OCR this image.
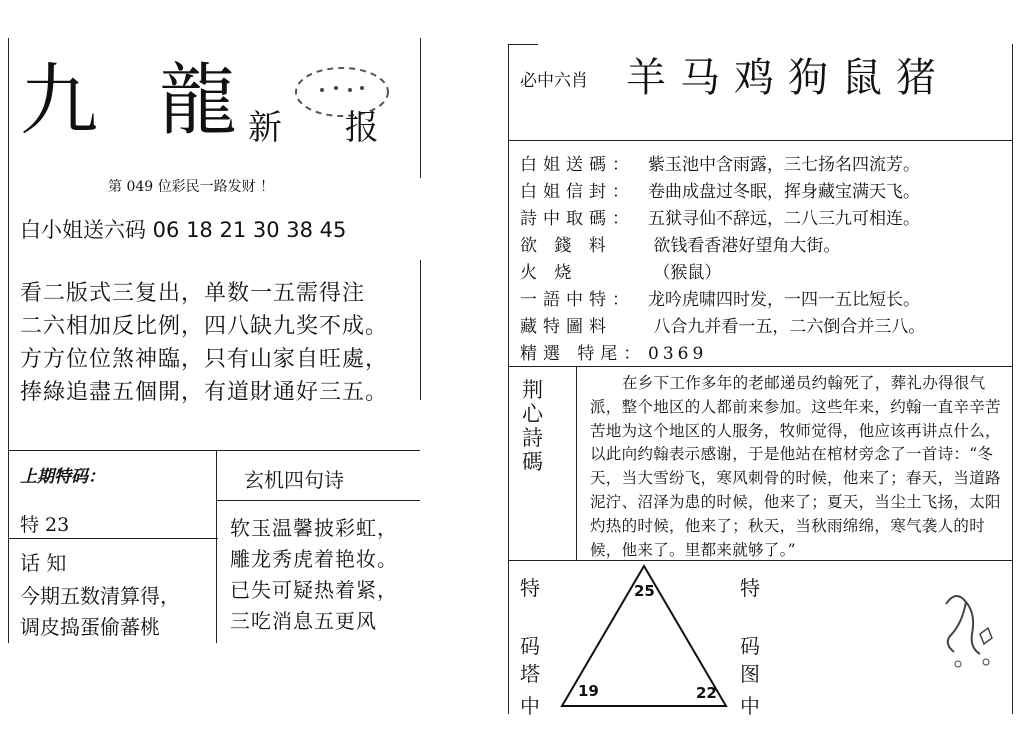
九 龍
新 报
第 049 位彩民一路发财 ！
白小姐送六码 06 18 21 30 38 45
看二版式三复出，单数一五需得注
二六相加反比例，四八缺九奖不成。
方方位位煞神臨，只有山家自旺處，
捧綠追盡五個開，有道財通好三五。
上期特码：
特 23
话 知
今期五数清算得，
调皮捣蛋偷蕃桃
玄机四句诗
软玉温馨披彩虹，
雕龙秀虎着艳妆。
已失可疑热着紧，
三吃消息五更风
必中六肖 羊马鸡狗鼠猪
白姐送碼： 紫玉池中含雨露，三七扬名四流芳。
白姐信封： 卷曲成盘过冬眠，挥身藏宝满天飞。
詩中取碼： 五狱寻仙不辞远，二八三九可相连。
欲 錢 料 欲钱看香港好望角大街。
火 烧	（猴鼠）
一語中特： 龙吟虎啸四时发，一四一五比短长。
藏特圖料 八合九并看一五，二六倒合并三八。
精選 特尾：0369
荆 心
詩 碼
在乡下工作多年的老邮递员约翰死了，葬礼办得很气派，整个地区的人都前来参加。这些年来，约翰一直辛辛苦苦地为这个地区的人服务，牧师觉得，他应该再讲点什么，以此向约翰表示感谢，于是他站在棺材旁念了一首诗：“冬天，当大雪纷飞，寒风刺骨的时候，他来了；春天，当道路泥泞、沼泽为患的时候，他来了；夏天，当尘土飞扬，太阳灼热的时候，他来了；秋天，当秋雨绵绵，寒气袭人的时候，他来了。里都来就够了。”
25
19	22
特
码
塔
中
特
码
图
中
